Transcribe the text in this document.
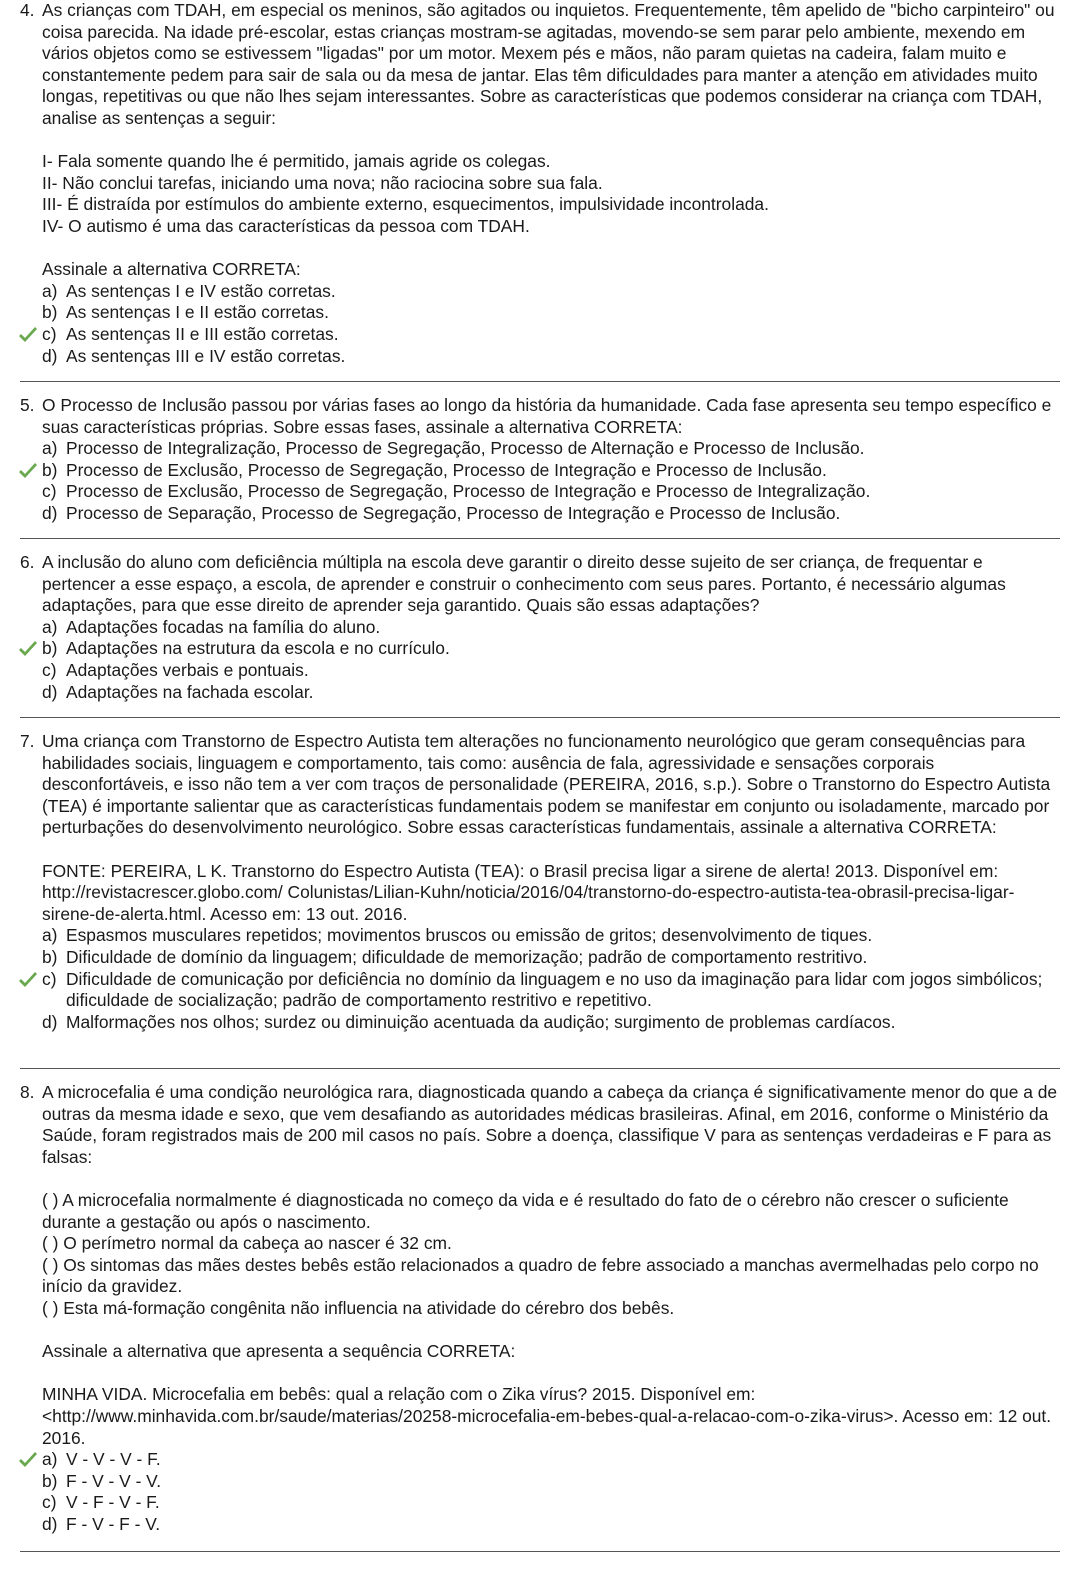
4. As crianças com TDAH, em especial os meninos, são agitados ou inquietos. Frequentemente, têm apelido de "bicho carpinteiro" ou coisa parecida. Na idade pré-escolar, estas crianças mostram-se agitadas, movendo-se sem parar pelo ambiente, mexendo em vários objetos como se estivessem "ligadas" por um motor. Mexem pés e mãos, não param quietas na cadeira, falam muito e constantemente pedem para sair de sala ou da mesa de jantar. Elas têm dificuldades para manter a atenção em atividades muito longas, repetitivas ou que não lhes sejam interessantes. Sobre as características que podemos considerar na criança com TDAH, analise as sentenças a seguir:

I- Fala somente quando lhe é permitido, jamais agride os colegas.

II- Não conclui tarefas, iniciando uma nova; não raciocina sobre sua fala.

III- É distraída por estímulos do ambiente externo, esquecimentos, impulsividade incontrolada.

IV- O autismo é uma das características da pessoa com TDAH.

Assinale a alternativa CORRETA:

a) As sentenças I e IV estão corretas.
b) As sentenças I e II estão corretas.
c) As sentenças II e III estão corretas.
d) As sentenças III e IV estão corretas.
5. O Processo de Inclusão passou por várias fases ao longo da história da humanidade. Cada fase apresenta seu tempo específico e suas características próprias. Sobre essas fases, assinale a alternativa CORRETA:

a) Processo de Integralização, Processo de Segregação, Processo de Alternação e Processo de Inclusão.
b) Processo de Exclusão, Processo de Segregação, Processo de Integração e Processo de Inclusão.
c) Processo de Exclusão, Processo de Segregação, Processo de Integração e Processo de Integralização.
d) Processo de Separação, Processo de Segregação, Processo de Integração e Processo de Inclusão.
6. A inclusão do aluno com deficiência múltipla na escola deve garantir o direito desse sujeito de ser criança, de frequentar e pertencer a esse espaço, a escola, de aprender e construir o conhecimento com seus pares. Portanto, é necessário algumas adaptações, para que esse direito de aprender seja garantido. Quais são essas adaptações?

a) Adaptações focadas na família do aluno.
b) Adaptações na estrutura da escola e no currículo.
c) Adaptações verbais e pontuais.
d) Adaptações na fachada escolar.
7. Uma criança com Transtorno de Espectro Autista tem alterações no funcionamento neurológico que geram consequências para habilidades sociais, linguagem e comportamento, tais como: ausência de fala, agressividade e sensações corporais desconfortáveis, e isso não tem a ver com traços de personalidade (PEREIRA, 2016, s.p.). Sobre o Transtorno do Espectro Autista (TEA) é importante salientar que as características fundamentais podem se manifestar em conjunto ou isoladamente, marcado por perturbações do desenvolvimento neurológico. Sobre essas características fundamentais, assinale a alternativa CORRETA:

FONTE: PEREIRA, L K. Transtorno do Espectro Autista (TEA): o Brasil precisa ligar a sirene de alerta! 2013. Disponível em: http://revistacrescer.globo.com/ Colunistas/Lilian-Kuhn/noticia/2016/04/transtorno-do-espectro-autista-tea-obrasil-precisa-ligar-sirene-de-alerta.html. Acesso em: 13 out. 2016.

a) Espasmos musculares repetidos; movimentos bruscos ou emissão de gritos; desenvolvimento de tiques.
b) Dificuldade de domínio da linguagem; dificuldade de memorização; padrão de comportamento restritivo.
c) Dificuldade de comunicação por deficiência no domínio da linguagem e no uso da imaginação para lidar com jogos simbólicos; dificuldade de socialização; padrão de comportamento restritivo e repetitivo.
d) Malformações nos olhos; surdez ou diminuição acentuada da audição; surgimento de problemas cardíacos.
8. A microcefalia é uma condição neurológica rara, diagnosticada quando a cabeça da criança é significativamente menor do que a de outras da mesma idade e sexo, que vem desafiando as autoridades médicas brasileiras. Afinal, em 2016, conforme o Ministério da Saúde, foram registrados mais de 200 mil casos no país. Sobre a doença, classifique V para as sentenças verdadeiras e F para as falsas:

( ) A microcefalia normalmente é diagnosticada no começo da vida e é resultado do fato de o cérebro não crescer o suficiente durante a gestação ou após o nascimento.

( ) O perímetro normal da cabeça ao nascer é 32 cm.

( ) Os sintomas das mães destes bebês estão relacionados a quadro de febre associado a manchas avermelhadas pelo corpo no início da gravidez.

( ) Esta má-formação congênita não influencia na atividade do cérebro dos bebês.

Assinale a alternativa que apresenta a sequência CORRETA:

MINHA VIDA. Microcefalia em bebês: qual a relação com o Zika vírus? 2015. Disponível em: <http://www.minhavida.com.br/saude/materias/20258-microcefalia-em-bebes-qual-a-relacao-com-o-zika-virus>. Acesso em: 12 out. 2016.

a) V - V - V - F.
b) F - V - V - V.
c) V - F - V - F.
d) F - V - F - V.
